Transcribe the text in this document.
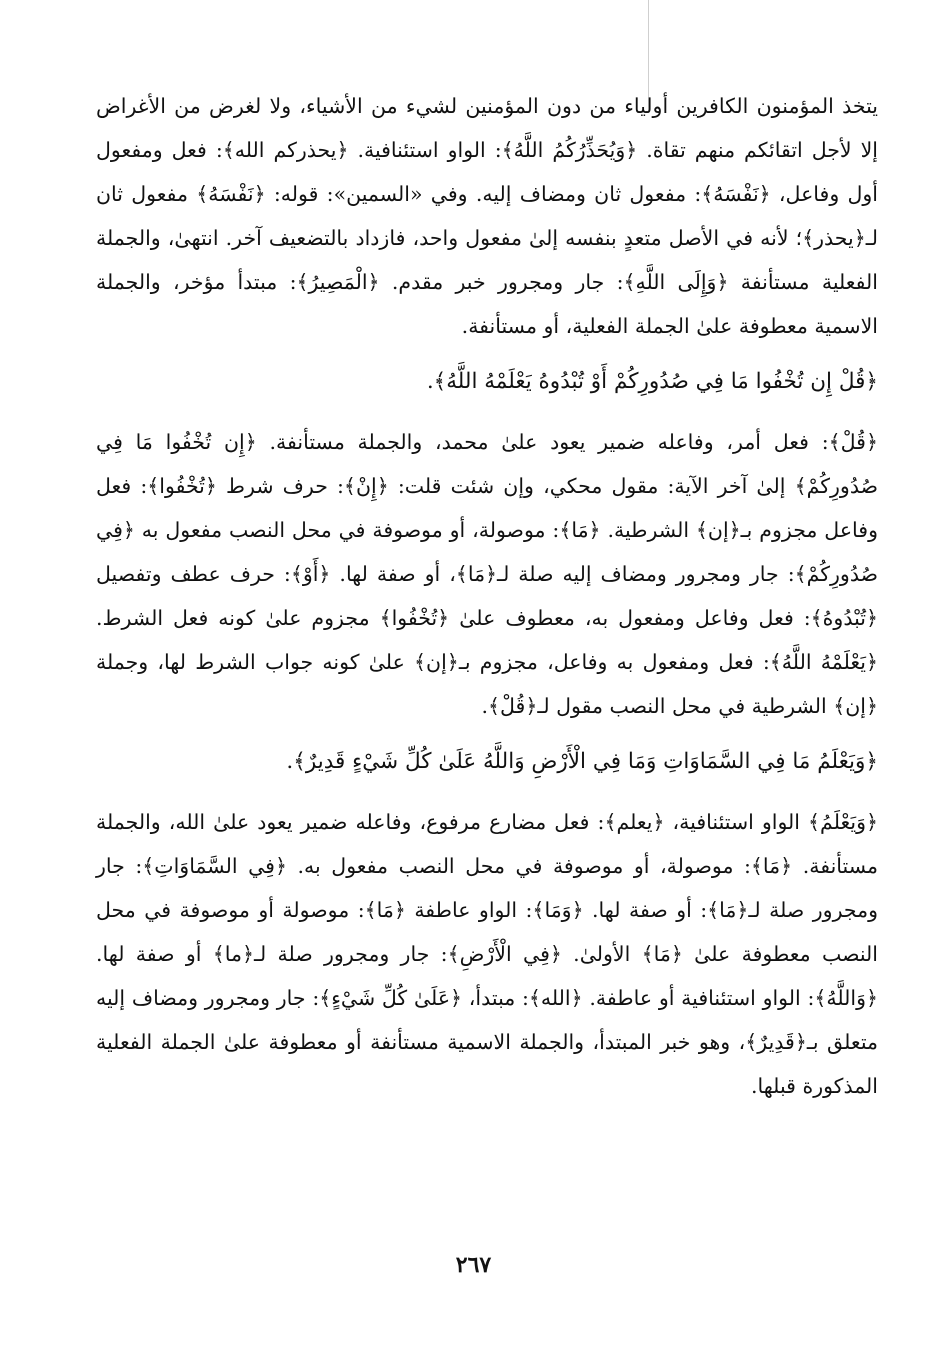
يتخذ المؤمنون الكافرين أولياء من دون المؤمنين لشيء من الأشياء، ولا لغرض من الأغراض إلا لأجل اتقائكم منهم تقاة. ﴿وَيُحَذِّرُكُمُ اللَّهُ﴾: الواو استئنافية. ﴿يحذركم الله﴾: فعل ومفعول أول وفاعل، ﴿نَفْسَهُ﴾: مفعول ثان ومضاف إليه. وفي «السمين»: قوله: ﴿نَفْسَهُ﴾ مفعول ثان لـ﴿يحذر﴾؛ لأنه في الأصل متعدٍ بنفسه إلىٰ مفعول واحد، فازداد بالتضعيف آخر. انتهىٰ، والجملة الفعلية مستأنفة ﴿وَإِلَى اللَّهِ﴾: جار ومجرور خبر مقدم. ﴿الْمَصِيرُ﴾: مبتدأ مؤخر، والجملة الاسمية معطوفة علىٰ الجملة الفعلية، أو مستأنفة.
﴿قُلْ إِن تُخْفُوا مَا فِي صُدُورِكُمْ أَوْ تُبْدُوهُ يَعْلَمْهُ اللَّهُ﴾.
﴿قُلْ﴾: فعل أمر، وفاعله ضمير يعود علىٰ محمد، والجملة مستأنفة. ﴿إِن تُخْفُوا مَا فِي صُدُورِكُمْ﴾ إلىٰ آخر الآية: مقول محكي، وإن شئت قلت: ﴿إِنْ﴾: حرف شرط ﴿تُخْفُوا﴾: فعل وفاعل مجزوم بـ﴿إن﴾ الشرطية. ﴿مَا﴾: موصولة، أو موصوفة في محل النصب مفعول به ﴿فِي صُدُورِكُمْ﴾: جار ومجرور ومضاف إليه صلة لـ﴿مَا﴾، أو صفة لها. ﴿أَوْ﴾: حرف عطف وتفصيل ﴿تُبْدُوهُ﴾: فعل وفاعل ومفعول به، معطوف علىٰ ﴿تُخْفُوا﴾ مجزوم علىٰ كونه فعل الشرط. ﴿يَعْلَمْهُ اللَّهُ﴾: فعل ومفعول به وفاعل، مجزوم بـ﴿إن﴾ علىٰ كونه جواب الشرط لها، وجملة ﴿إن﴾ الشرطية في محل النصب مقول لـ﴿قُلْ﴾.
﴿وَيَعْلَمُ مَا فِي السَّمَاوَاتِ وَمَا فِي الْأَرْضِ وَاللَّهُ عَلَىٰ كُلِّ شَيْءٍ قَدِيرٌ﴾.
﴿وَيَعْلَمُ﴾ الواو استئنافية، ﴿يعلم﴾: فعل مضارع مرفوع، وفاعله ضمير يعود علىٰ الله، والجملة مستأنفة. ﴿مَا﴾: موصولة، أو موصوفة في محل النصب مفعول به. ﴿فِي السَّمَاوَاتِ﴾: جار ومجرور صلة لـ﴿مَا﴾: أو صفة لها. ﴿وَمَا﴾: الواو عاطفة ﴿مَا﴾: موصولة أو موصوفة في محل النصب معطوفة علىٰ ﴿مَا﴾ الأولىٰ. ﴿فِي الْأَرْضِ﴾: جار ومجرور صلة لـ﴿ما﴾ أو صفة لها. ﴿وَاللَّهُ﴾: الواو استئنافية أو عاطفة. ﴿الله﴾: مبتدأ، ﴿عَلَىٰ كُلِّ شَيْءٍ﴾: جار ومجرور ومضاف إليه متعلق بـ﴿قَدِيرٌ﴾، وهو خبر المبتدأ، والجملة الاسمية مستأنفة أو معطوفة علىٰ الجملة الفعلية المذكورة قبلها.
٢٦٧
